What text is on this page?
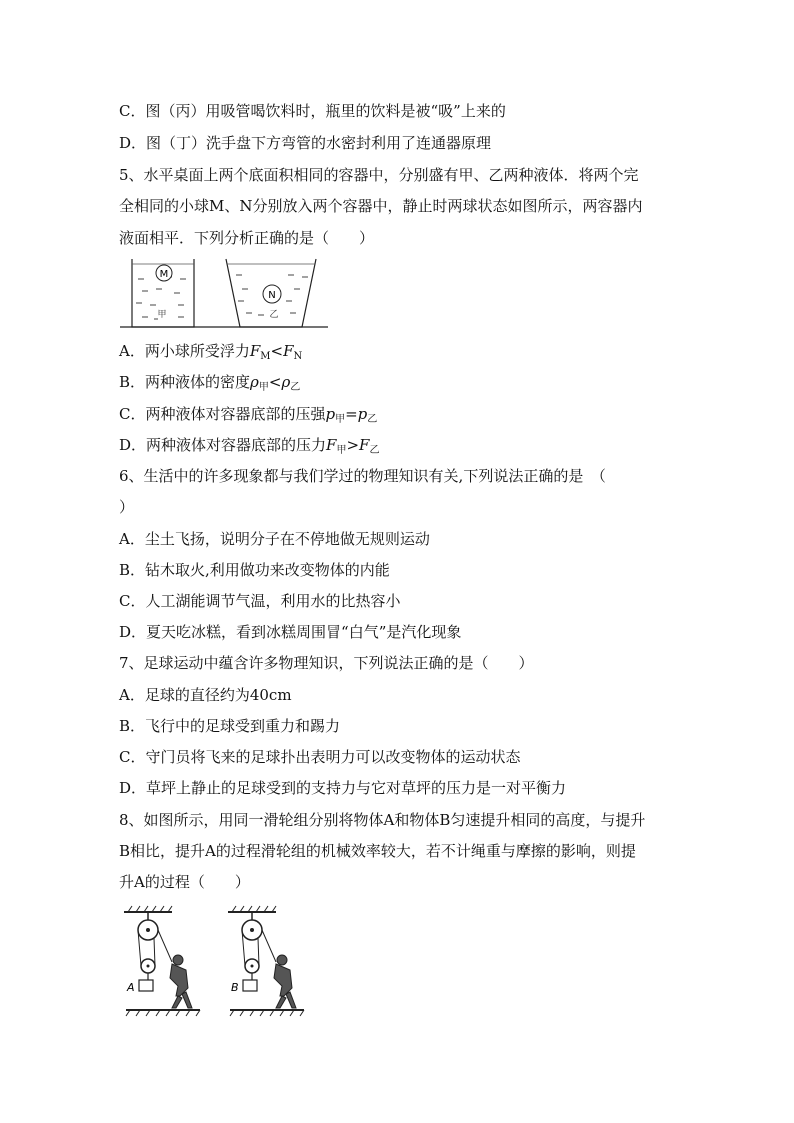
C．图（丙）用吸管喝饮料时，瓶里的饮料是被“吸”上来的
D．图（丁）洗手盘下方弯管的水密封利用了连通器原理
5、水平桌面上两个底面积相同的容器中，分别盛有甲、乙两种液体．将两个完
全相同的小球M、N分别放入两个容器中，静止时两球状态如图所示，两容器内
液面相平．下列分析正确的是（　　）
M
甲
N
乙
A．两小球所受浮力$F_M<F_N$
B．两种液体的密度$\rho_甲<\rho_乙$
C．两种液体对容器底部的压强$p_甲=p_乙$
D．两种液体对容器底部的压力$F_甲>F_乙$
6、生活中的许多现象都与我们学过的物理知识有关,下列说法正确的是　（
）
A．尘土飞扬，说明分子在不停地做无规则运动
B．钻木取火,利用做功来改变物体的内能
C．人工湖能调节气温，利用水的比热容小
D．夏天吃冰糕，看到冰糕周围冒“白气”是汽化现象
7、足球运动中蕴含许多物理知识，下列说法正确的是（　　）
A．足球的直径约为40cm
B．飞行中的足球受到重力和踢力
C．守门员将飞来的足球扑出表明力可以改变物体的运动状态
D．草坪上静止的足球受到的支持力与它对草坪的压力是一对平衡力
8、如图所示，用同一滑轮组分别将物体A和物体B匀速提升相同的高度，与提升
B相比，提升A的过程滑轮组的机械效率较大，若不计绳重与摩擦的影响，则提
升A的过程（　　）
A	B
